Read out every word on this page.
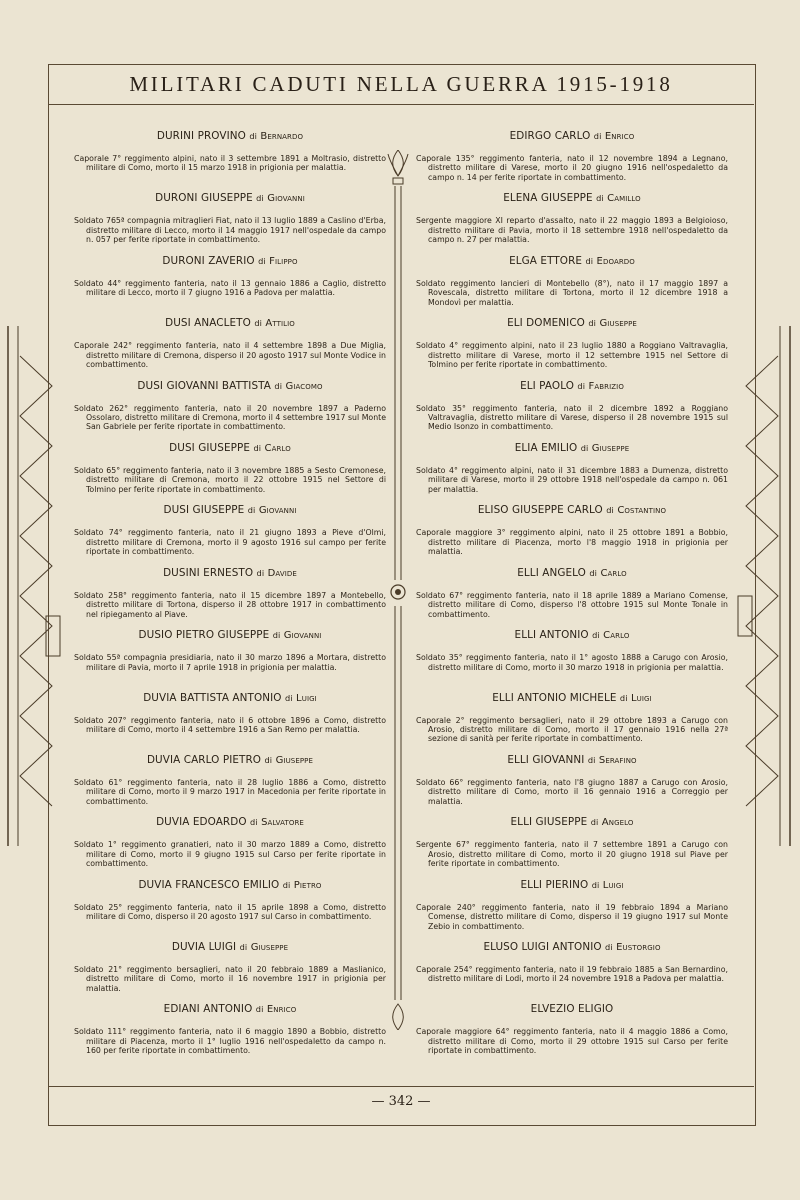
MILITARI CADUTI NELLA GUERRA 1915-1918
DURINI PROVINO di Bernardo
Caporale 7° reggimento alpini, nato il 3 settembre 1891 a Moltrasio, distretto militare di Como, morto il 15 marzo 1918 in prigionia per malattia.
DURONI GIUSEPPE di Giovanni
Soldato 765ª compagnia mitraglieri Fiat, nato il 13 luglio 1889 a Caslino d'Erba, distretto militare di Lecco, morto il 14 maggio 1917 nell'ospedale da campo n. 057 per ferite riportate in combattimento.
DURONI ZAVERIO di Filippo
Soldato 44° reggimento fanteria, nato il 13 gennaio 1886 a Caglio, distretto militare di Lecco, morto il 7 giugno 1916 a Padova per malattia.
DUSI ANACLETO di Attilio
Caporale 242° reggimento fanteria, nato il 4 settembre 1898 a Due Miglia, distretto militare di Cremona, disperso il 20 agosto 1917 sul Monte Vodice in combattimento.
DUSI GIOVANNI BATTISTA di Giacomo
Soldato 262° reggimento fanteria, nato il 20 novembre 1897 a Paderno Ossolaro, distretto militare di Cremona, morto il 4 settembre 1917 sul Monte San Gabriele per ferite riportate in combattimento.
DUSI GIUSEPPE di Carlo
Soldato 65° reggimento fanteria, nato il 3 novembre 1885 a Sesto Cremonese, distretto militare di Cremona, morto il 22 ottobre 1915 nel Settore di Tolmino per ferite riportate in combattimento.
DUSI GIUSEPPE di Giovanni
Soldato 74° reggimento fanteria, nato il 21 giugno 1893 a Pieve d'Olmi, distretto militare di Cremona, morto il 9 agosto 1916 sul campo per ferite riportate in combattimento.
DUSINI ERNESTO di Davide
Soldato 258° reggimento fanteria, nato il 15 dicembre 1897 a Montebello, distretto militare di Tortona, disperso il 28 ottobre 1917 in combattimento nel ripiegamento al Piave.
DUSIO PIETRO GIUSEPPE di Giovanni
Soldato 55ª compagnia presidiaria, nato il 30 marzo 1896 a Mortara, distretto militare di Pavia, morto il 7 aprile 1918 in prigionia per malattia.
DUVIA BATTISTA ANTONIO di Luigi
Soldato 207° reggimento fanteria, nato il 6 ottobre 1896 a Como, distretto militare di Como, morto il 4 settembre 1916 a San Remo per malattia.
DUVIA CARLO PIETRO di Giuseppe
Soldato 61° reggimento fanteria, nato il 28 luglio 1886 a Como, distretto militare di Como, morto il 9 marzo 1917 in Macedonia per ferite riportate in combattimento.
DUVIA EDOARDO di Salvatore
Soldato 1° reggimento granatieri, nato il 30 marzo 1889 a Como, distretto militare di Como, morto il 9 giugno 1915 sul Carso per ferite riportate in combattimento.
DUVIA FRANCESCO EMILIO di Pietro
Soldato 25° reggimento fanteria, nato il 15 aprile 1898 a Como, distretto militare di Como, disperso il 20 agosto 1917 sul Carso in combattimento.
DUVIA LUIGI di Giuseppe
Soldato 21° reggimento bersaglieri, nato il 20 febbraio 1889 a Maslianico, distretto militare di Como, morto il 16 novembre 1917 in prigionia per malattia.
EDIANI ANTONIO di Enrico
Soldato 111° reggimento fanteria, nato il 6 maggio 1890 a Bobbio, distretto militare di Piacenza, morto il 1° luglio 1916 nell'ospedaletto da campo n. 160 per ferite riportate in combattimento.
EDIRGO CARLO di Enrico
Caporale 135° reggimento fanteria, nato il 12 novembre 1894 a Legnano, distretto militare di Varese, morto il 20 giugno 1916 nell'ospedaletto da campo n. 14 per ferite riportate in combattimento.
ELENA GIUSEPPE di Camillo
Sergente maggiore XI reparto d'assalto, nato il 22 maggio 1893 a Belgioioso, distretto militare di Pavia, morto il 18 settembre 1918 nell'ospedaletto da campo n. 27 per malattia.
ELGA ETTORE di Edoardo
Soldato reggimento lancieri di Montebello (8°), nato il 17 maggio 1897 a Rovescala, distretto militare di Tortona, morto il 12 dicembre 1918 a Mondovì per malattia.
ELI DOMENICO di Giuseppe
Soldato 4° reggimento alpini, nato il 23 luglio 1880 a Roggiano Valtravaglia, distretto militare di Varese, morto il 12 settembre 1915 nel Settore di Tolmino per ferite riportate in combattimento.
ELI PAOLO di Fabrizio
Soldato 35° reggimento fanteria, nato il 2 dicembre 1892 a Roggiano Valtravaglia, distretto militare di Varese, disperso il 28 novembre 1915 sul Medio Isonzo in combattimento.
ELIA EMILIO di Giuseppe
Soldato 4° reggimento alpini, nato il 31 dicembre 1883 a Dumenza, distretto militare di Varese, morto il 29 ottobre 1918 nell'ospedale da campo n. 061 per malattia.
ELISO GIUSEPPE CARLO di Costantino
Caporale maggiore 3° reggimento alpini, nato il 25 ottobre 1891 a Bobbio, distretto militare di Piacenza, morto l'8 maggio 1918 in prigionia per malattia.
ELLI ANGELO di Carlo
Soldato 67° reggimento fanteria, nato il 18 aprile 1889 a Mariano Comense, distretto militare di Como, disperso l'8 ottobre 1915 sul Monte Tonale in combattimento.
ELLI ANTONIO di Carlo
Soldato 35° reggimento fanteria, nato il 1° agosto 1888 a Carugo con Arosio, distretto militare di Como, morto il 30 marzo 1918 in prigionia per malattia.
ELLI ANTONIO MICHELE di Luigi
Caporale 2° reggimento bersaglieri, nato il 29 ottobre 1893 a Carugo con Arosio, distretto militare di Como, morto il 17 gennaio 1916 nella 27ª sezione di sanità per ferite riportate in combattimento.
ELLI GIOVANNI di Serafino
Soldato 66° reggimento fanteria, nato l'8 giugno 1887 a Carugo con Arosio, distretto militare di Como, morto il 16 gennaio 1916 a Correggio per malattia.
ELLI GIUSEPPE di Angelo
Sergente 67° reggimento fanteria, nato il 7 settembre 1891 a Carugo con Arosio, distretto militare di Como, morto il 20 giugno 1918 sul Piave per ferite riportate in combattimento.
ELLI PIERINO di Luigi
Caporale 240° reggimento fanteria, nato il 19 febbraio 1894 a Mariano Comense, distretto militare di Como, disperso il 19 giugno 1917 sul Monte Zebio in combattimento.
ELUSO LUIGI ANTONIO di Eustorgio
Caporale 254° reggimento fanteria, nato il 19 febbraio 1885 a San Bernardino, distretto militare di Lodi, morto il 24 novembre 1918 a Padova per malattia.
ELVEZIO ELIGIO
Caporale maggiore 64° reggimento fanteria, nato il 4 maggio 1886 a Como, distretto militare di Como, morto il 29 ottobre 1915 sul Carso per ferite riportate in combattimento.
— 342 —
